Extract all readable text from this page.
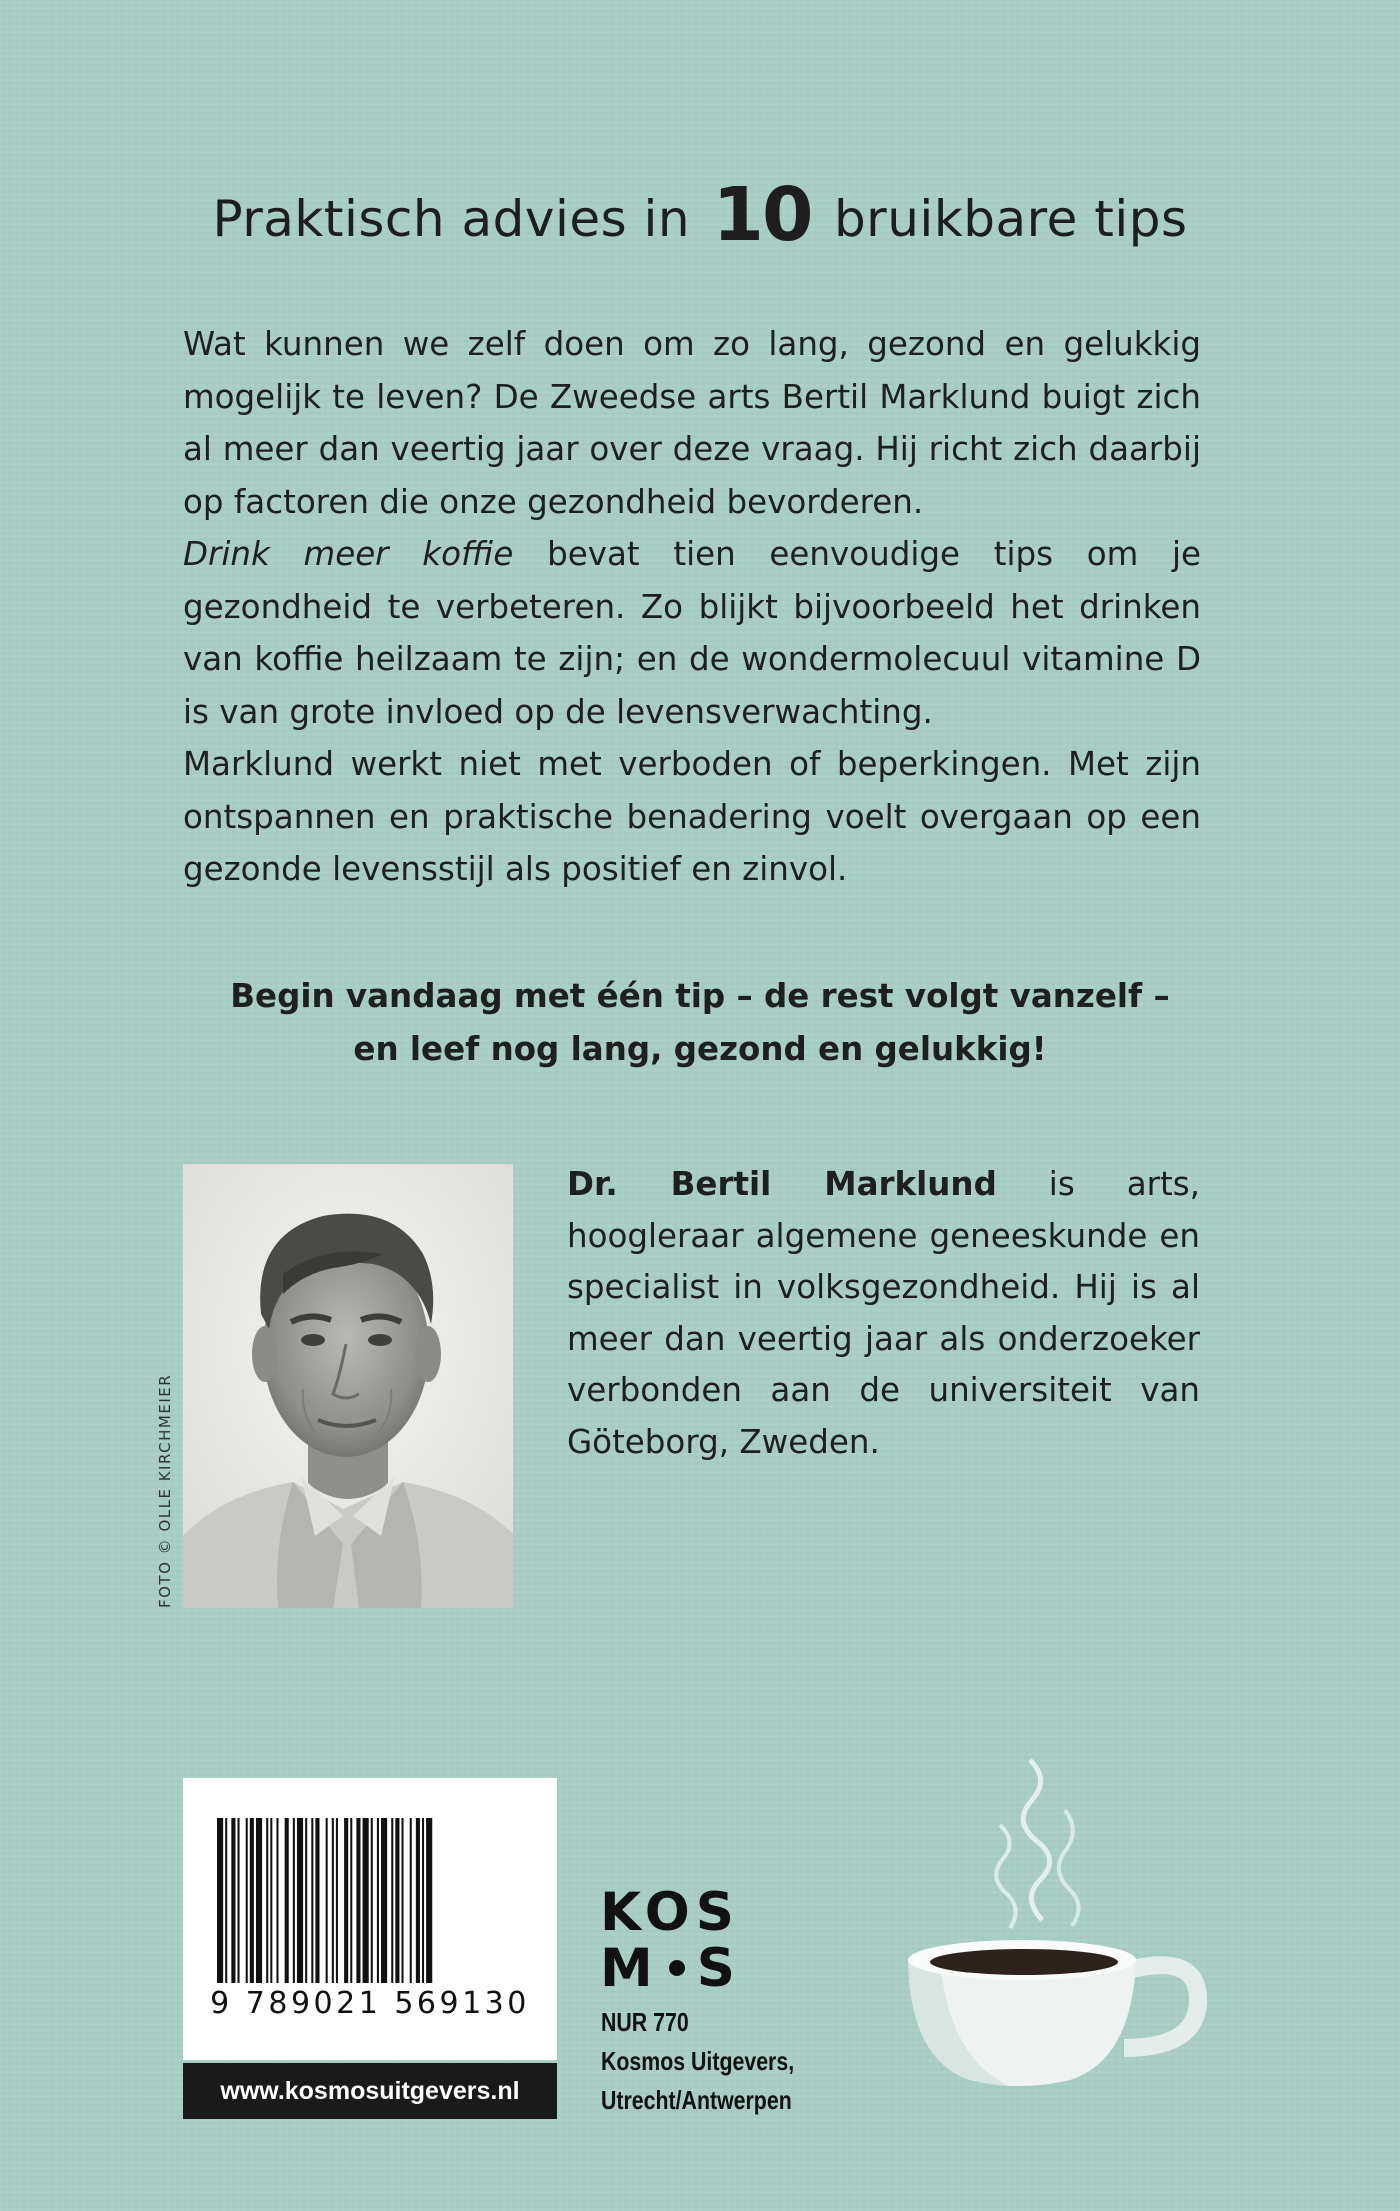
Praktisch advies in 10 bruikbare tips

Wat kunnen we zelf doen om zo lang, gezond en gelukkig mogelijk te leven? De Zweedse arts Bertil Marklund buigt zich al meer dan veertig jaar over deze vraag. Hij richt zich daarbij op factoren die onze gezondheid bevorderen.

Drink meer koffie bevat tien eenvoudige tips om je gezondheid te verbeteren. Zo blijkt bijvoorbeeld het drinken van koffie heilzaam te zijn; en de wondermolecuul vitamine D is van grote invloed op de levensverwachting.

Marklund werkt niet met verboden of beperkingen. Met zijn ontspannen en praktische benadering voelt overgaan op een gezonde levensstijl als positief en zinvol.

Begin vandaag met één tip – de rest volgt vanzelf –

en leef nog lang, gezond en gelukkig!

FOTO © OLLE KIRCHMEIER

Dr. Bertil Marklund is arts, hoogleraar algemene geneeskunde en specialist in volksgezondheid. Hij is al meer dan veertig jaar als onderzoeker verbonden aan de universiteit van Göteborg, Zweden.

9 789021 569130
www.kosmosuitgevers.nl
KOS
M S

NUR 770

Kosmos Uitgevers,

Utrecht/Antwerpen
